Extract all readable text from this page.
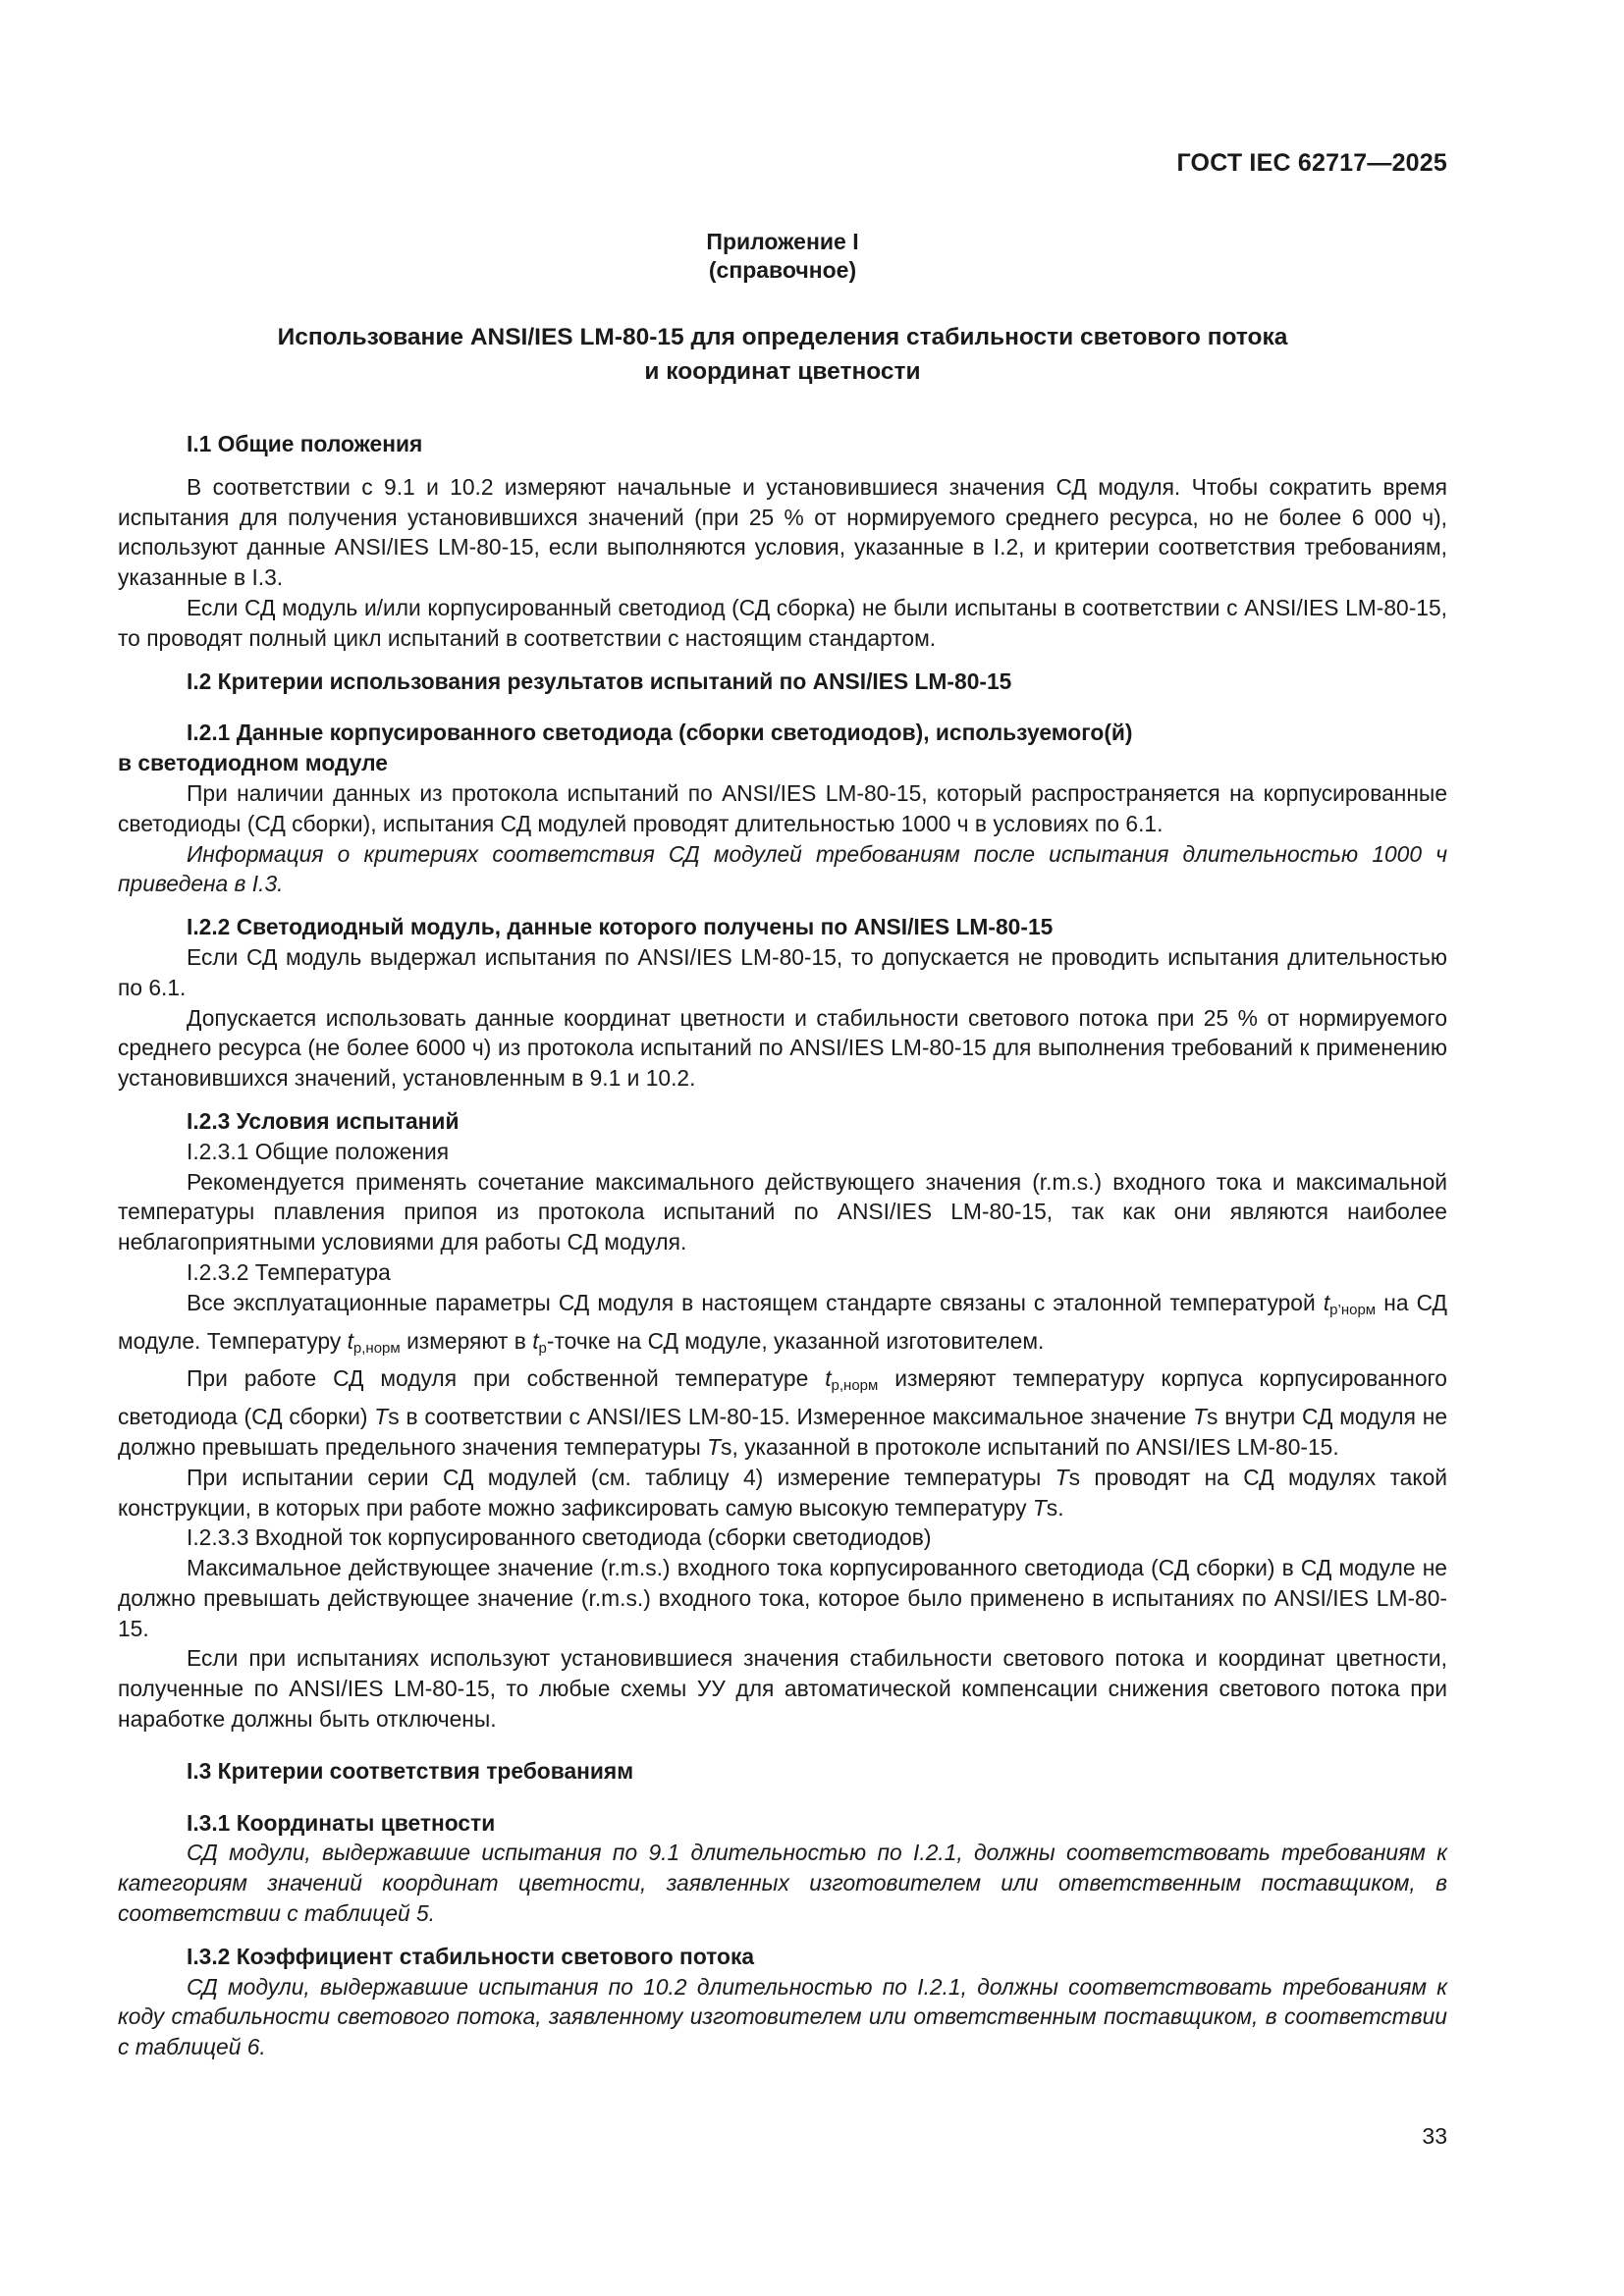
ГОСТ IEC 62717—2025
Приложение I
(справочное)
Использование ANSI/IES LM-80-15 для определения стабильности светового потока
и координат цветности

I.1 Общие положения

В соответствии с 9.1 и 10.2 измеряют начальные и установившиеся значения СД модуля. Чтобы сократить время испытания для получения установившихся значений (при 25 % от нормируемого среднего ресурса, но не более 6 000 ч), используют данные ANSI/IES LM-80-15, если выполняются условия, указанные в I.2, и критерии соответствия требованиям, указанные в I.3.

Если СД модуль и/или корпусированный светодиод (СД сборка) не были испытаны в соответствии с ANSI/IES LM-80-15, то проводят полный цикл испытаний в соответствии с настоящим стандартом.

I.2 Критерии использования результатов испытаний по ANSI/IES LM-80-15

I.2.1 Данные корпусированного светодиода (сборки светодиодов), используемого(й)

в светодиодном модуле

При наличии данных из протокола испытаний по ANSI/IES LM-80-15, который распространяется на корпусированные светодиоды (СД сборки), испытания СД модулей проводят длительностью 1000 ч в условиях по 6.1.

Информация о критериях соответствия СД модулей требованиям после испытания длительностью 1000 ч приведена в I.3.

I.2.2 Светодиодный модуль, данные которого получены по ANSI/IES LM-80-15

Если СД модуль выдержал испытания по ANSI/IES LM-80-15, то допускается не проводить испытания длительностью по 6.1.

Допускается использовать данные координат цветности и стабильности светового потока при 25 % от нормируемого среднего ресурса (не более 6000 ч) из протокола испытаний по ANSI/IES LM-80-15 для выполнения требований к применению установившихся значений, установленным в 9.1 и 10.2.

I.2.3 Условия испытаний

I.2.3.1 Общие положения

Рекомендуется применять сочетание максимального действующего значения (r.m.s.) входного тока и максимальной температуры плавления припоя из протокола испытаний по ANSI/IES LM-80-15, так как они являются наиболее неблагоприятными условиями для работы СД модуля.

I.2.3.2 Температура

Все эксплуатационные параметры СД модуля в настоящем стандарте связаны с эталонной температурой $t_{р’норм}$ на СД модуле. Температуру $t_{р,норм}$ измеряют в $t_р$-точке на СД модуле, указанной изготовителем.

При работе СД модуля при собственной температуре $t_{р,норм}$ измеряют температуру корпуса корпусированного светодиода (СД сборки) Ts в соответствии с ANSI/IES LM-80-15. Измеренное максимальное значение Ts внутри СД модуля не должно превышать предельного значения температуры Ts, указанной в протоколе испытаний по ANSI/IES LM-80-15.

При испытании серии СД модулей (см. таблицу 4) измерение температуры Ts проводят на СД модулях такой конструкции, в которых при работе можно зафиксировать самую высокую температуру Ts.

I.2.3.3 Входной ток корпусированного светодиода (сборки светодиодов)

Максимальное действующее значение (r.m.s.) входного тока корпусированного светодиода (СД сборки) в СД модуле не должно превышать действующее значение (r.m.s.) входного тока, которое было применено в испытаниях по ANSI/IES LM-80-15.

Если при испытаниях используют установившиеся значения стабильности светового потока и координат цветности, полученные по ANSI/IES LM-80-15, то любые схемы УУ для автоматической компенсации снижения светового потока при наработке должны быть отключены.

I.3 Критерии соответствия требованиям

I.3.1 Координаты цветности

СД модули, выдержавшие испытания по 9.1 длительностью по I.2.1, должны соответствовать требованиям к категориям значений координат цветности, заявленных изготовителем или ответственным поставщиком, в соответствии с таблицей 5.

I.3.2 Коэффициент стабильности светового потока

СД модули, выдержавшие испытания по 10.2 длительностью по I.2.1, должны соответствовать требованиям к коду стабильности светового потока, заявленному изготовителем или ответственным поставщиком, в соответствии с таблицей 6.

33
